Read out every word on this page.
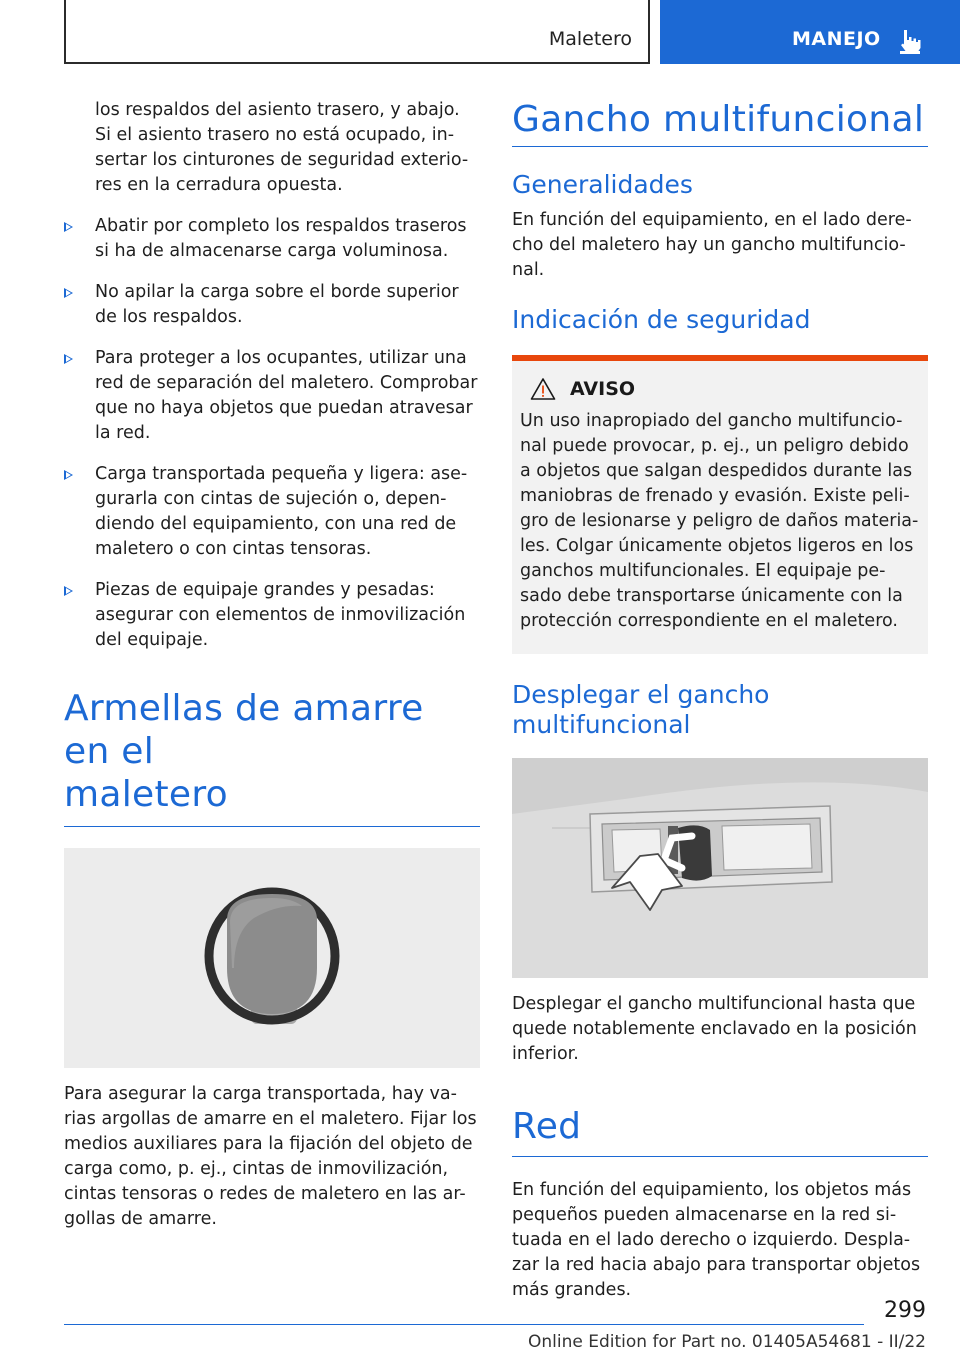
Maletero	MANEJO

los respaldos del asiento trasero, y abajo. Si el asiento trasero no está ocupado, in-sertar los cinturones de seguridad exterio-res en la cerradura opuesta.

Abatir por completo los respaldos traseros si ha de almacenarse carga voluminosa.
No apilar la carga sobre el borde superior de los respaldos.
Para proteger a los ocupantes, utilizar una red de separación del maletero. Comprobar que no haya objetos que puedan atravesar la red.
Carga transportada pequeña y ligera: ase-gurarla con cintas de sujeción o, depen-diendo del equipamiento, con una red de maletero o con cintas tensoras.
Piezas de equipaje grandes y pesadas: asegurar con elementos de inmovilización del equipaje.
Armellas de amarre en el
maletero

Para asegurar la carga transportada, hay va-rias argollas de amarre en el maletero. Fijar los medios auxiliares para la fijación del objeto de carga como, p. ej., cintas de inmovilización, cintas tensoras o redes de maletero en las ar-gollas de amarre.

Gancho multifuncional
Generalidades

En función del equipamiento, en el lado dere-cho del maletero hay un gancho multifuncio-nal.

Indicación de seguridad
AVISO

Un uso inapropiado del gancho multifuncio-nal puede provocar, p. ej., un peligro debido a objetos que salgan despedidos durante las maniobras de frenado y evasión. Existe peli-gro de lesionarse y peligro de daños materia-les. Colgar únicamente objetos ligeros en los ganchos multifuncionales. El equipaje pe-sado debe transportarse únicamente con la protección correspondiente en el maletero.

Desplegar el gancho multifuncional

Desplegar el gancho multifuncional hasta que quede notablemente enclavado en la posición inferior.

Red

En función del equipamiento, los objetos más pequeños pueden almacenarse en la red si-tuada en el lado derecho o izquierdo. Despla-zar la red hacia abajo para transportar objetos más grandes.

299
Online Edition for Part no. 01405A54681 - II/22
